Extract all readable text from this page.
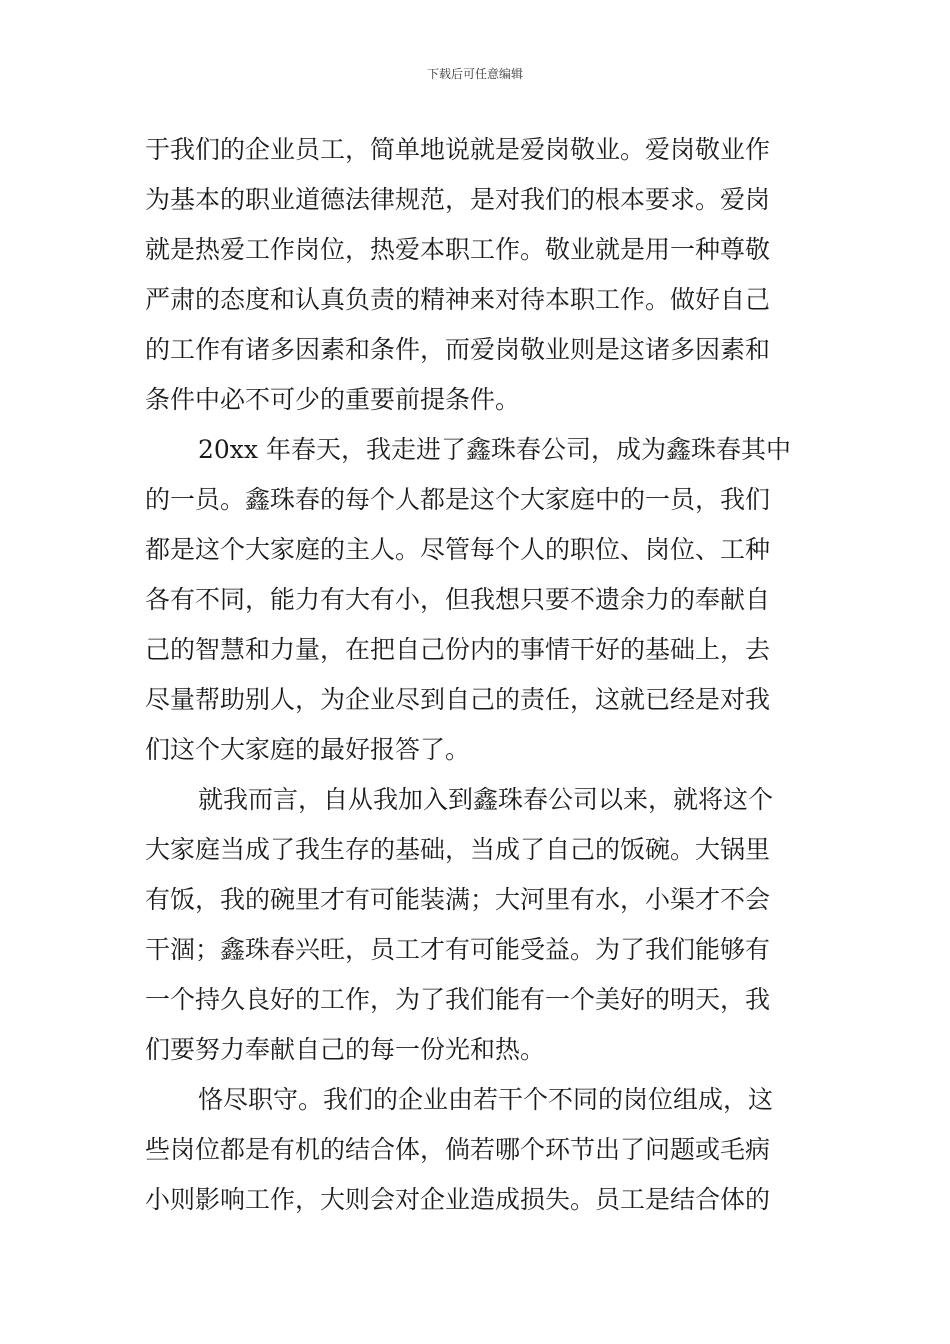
下载后可任意编辑
于我们的企业员工，简单地说就是爱岗敬业。爱岗敬业作
为基本的职业道德法律规范，是对我们的根本要求。爱岗
就是热爱工作岗位，热爱本职工作。敬业就是用一种尊敬
严肃的态度和认真负责的精神来对待本职工作。做好自己
的工作有诸多因素和条件，而爱岗敬业则是这诸多因素和
条件中必不可少的重要前提条件。
20xx 年春天，我走进了鑫珠春公司，成为鑫珠春其中
的一员。鑫珠春的每个人都是这个大家庭中的一员，我们
都是这个大家庭的主人。尽管每个人的职位、岗位、工种
各有不同，能力有大有小，但我想只要不遗余力的奉献自
己的智慧和力量，在把自己份内的事情干好的基础上，去
尽量帮助别人，为企业尽到自己的责任，这就已经是对我
们这个大家庭的最好报答了。
就我而言，自从我加入到鑫珠春公司以来，就将这个
大家庭当成了我生存的基础，当成了自己的饭碗。大锅里
有饭，我的碗里才有可能装满；大河里有水，小渠才不会
干涸；鑫珠春兴旺，员工才有可能受益。为了我们能够有
一个持久良好的工作，为了我们能有一个美好的明天，我
们要努力奉献自己的每一份光和热。
恪尽职守。我们的企业由若干个不同的岗位组成，这
些岗位都是有机的结合体，倘若哪个环节出了问题或毛病
小则影响工作，大则会对企业造成损失。员工是结合体的
